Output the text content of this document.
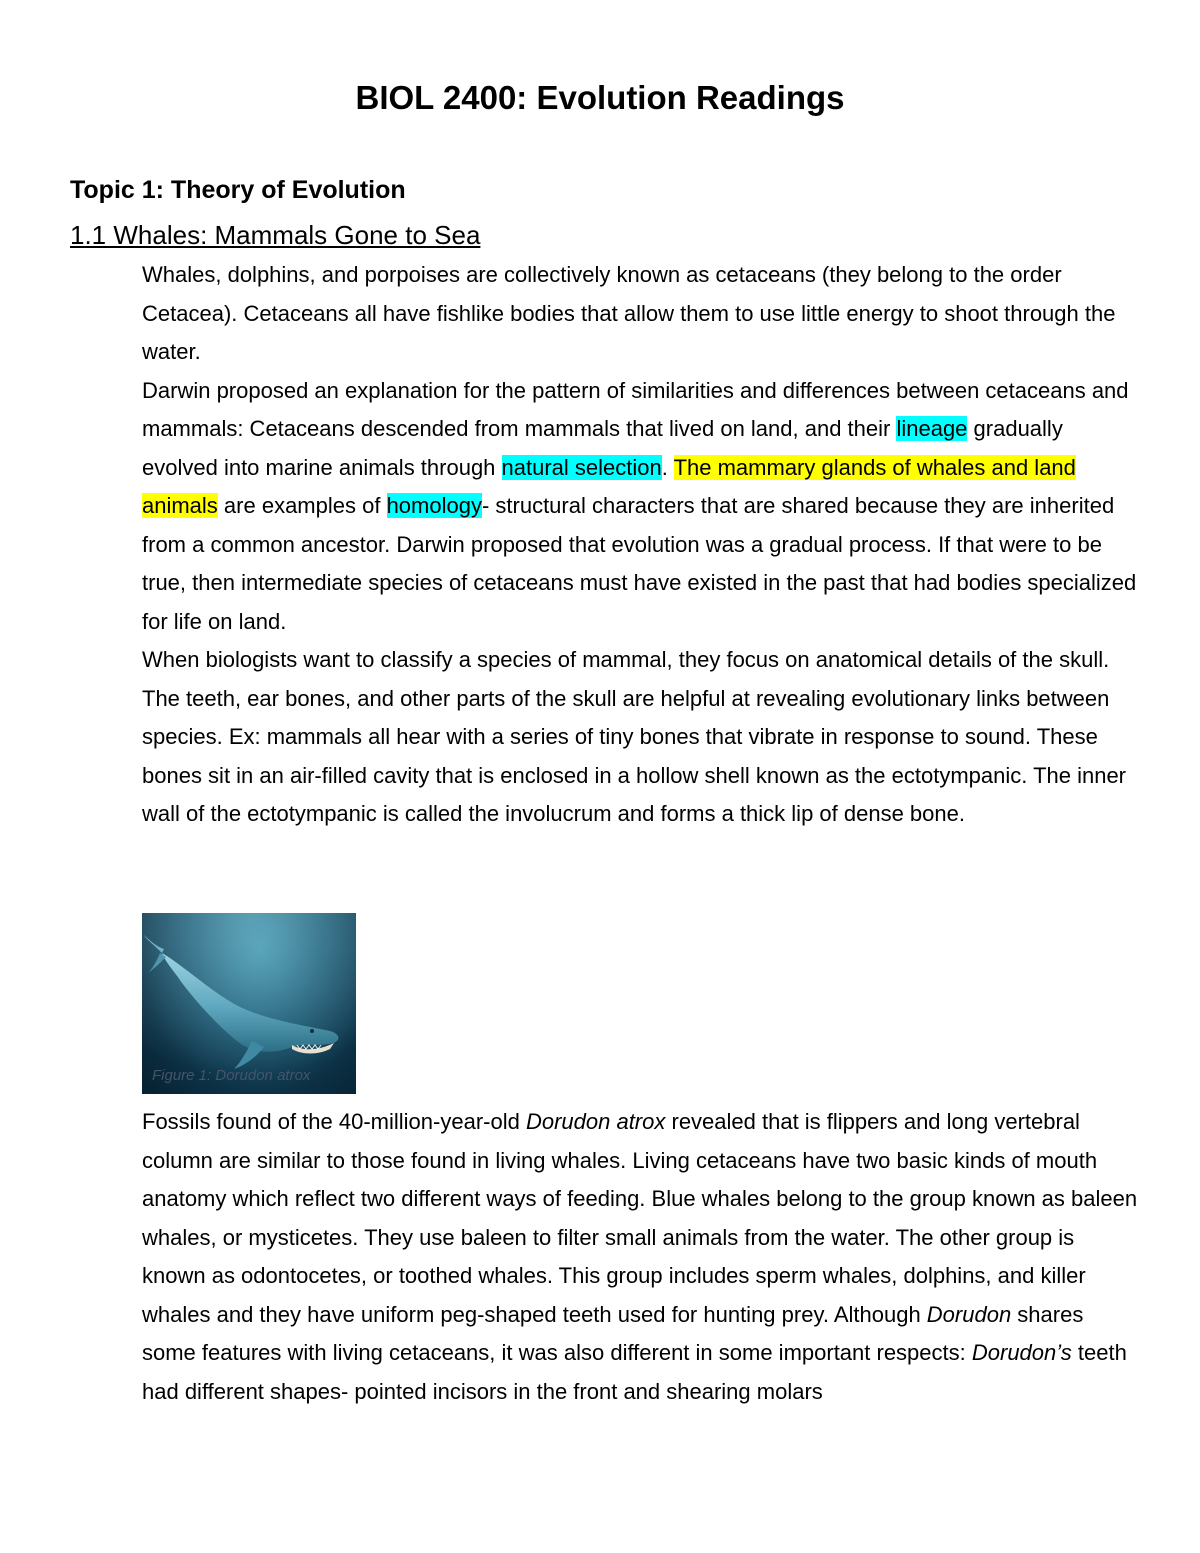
BIOL 2400: Evolution Readings
Topic 1: Theory of Evolution
1.1 Whales: Mammals Gone to Sea

Whales, dolphins, and porpoises are collectively known as cetaceans (they belong to the order Cetacea). Cetaceans all have fishlike bodies that allow them to use little energy to shoot through the water.

Darwin proposed an explanation for the pattern of similarities and differences between cetaceans and mammals: Cetaceans descended from mammals that lived on land, and their lineage gradually evolved into marine animals through natural selection. The mammary glands of whales and land animals are examples of homology- structural characters that are shared because they are inherited from a common ancestor. Darwin proposed that evolution was a gradual process. If that were to be true, then intermediate species of cetaceans must have existed in the past that had bodies specialized for life on land.

When biologists want to classify a species of mammal, they focus on anatomical details of the skull. The teeth, ear bones, and other parts of the skull are helpful at revealing evolutionary links between species. Ex: mammals all hear with a series of tiny bones that vibrate in response to sound. These bones sit in an air-filled cavity that is enclosed in a hollow shell known as the ectotympanic. The inner wall of the ectotympanic is called the involucrum and forms a thick lip of dense bone.

Figure 1: Dorudon atrox

Fossils found of the 40-million-year-old Dorudon atrox revealed that is flippers and long vertebral column are similar to those found in living whales. Living cetaceans have two basic kinds of mouth anatomy which reflect two different ways of feeding. Blue whales belong to the group known as baleen whales, or mysticetes. They use baleen to filter small animals from the water. The other group is known as odontocetes, or toothed whales. This group includes sperm whales, dolphins, and killer whales and they have uniform peg-shaped teeth used for hunting prey. Although Dorudon shares some features with living cetaceans, it was also different in some important respects: Dorudon’s teeth had different shapes- pointed incisors in the front and shearing molars
